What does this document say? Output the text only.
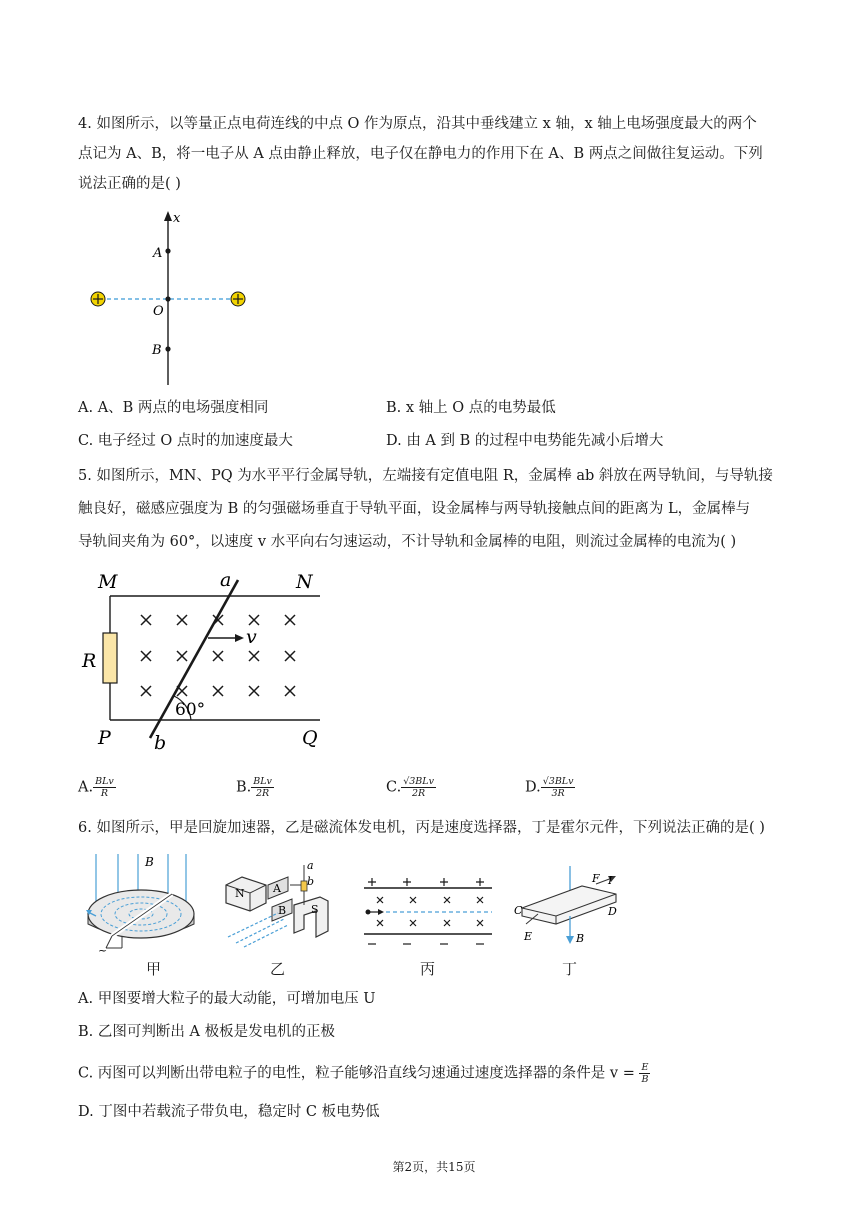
4. 如图所示，以等量正点电荷连线的中点 O 作为原点，沿其中垂线建立 x 轴，x 轴上电场强度最大的两个
点记为 A、B，将一电子从 A 点由静止释放，电子仅在静电力的作用下在 A、B 两点之间做往复运动。下列
说法正确的是( )
x
A
O
B
A. A、B 两点的电场强度相同	B. x 轴上 O 点的电势最低
C. 电子经过 O 点时的加速度最大	D. 由 A 到 B 的过程中电势能先减小后增大
5. 如图所示，MN、PQ 为水平平行金属导轨，左端接有定值电阻 R，金属棒 ab 斜放在两导轨间，与导轨接
触良好，磁感应强度为 B 的匀强磁场垂直于导轨平面，设金属棒与两导轨接触点间的距离为 L，金属棒与
导轨间夹角为 60°，以速度 v 水平向右匀速运动，不计导轨和金属棒的电阻，则流过金属棒的电流为( )
M	N
a
R
v
60°
P b	Q
A. $\frac{\text{BLv}}{R}$	B. $\frac{\text{BLv}}{2R}$	C. $\frac{\text{√3BLv}}{2R}$	D. $\frac{\text{√3BLv}}{3R}$
6. 如图所示，甲是回旋加速器，乙是磁流体发电机，丙是速度选择器，丁是霍尔元件，下列说法正确的是( )
B
~
N	A
B S
a
b	F I
C	D
E	B
甲	乙	丙	丁
A. 甲图要增大粒子的最大动能，可增加电压 U
B. 乙图可判断出 A 极板是发电机的正极
C. 丙图可以判断出带电粒子的电性，粒子能够沿直线匀速通过速度选择器的条件是 $v = \frac{E}{B}$
D. 丁图中若载流子带负电，稳定时 C 板电势低
第2页，共15页
